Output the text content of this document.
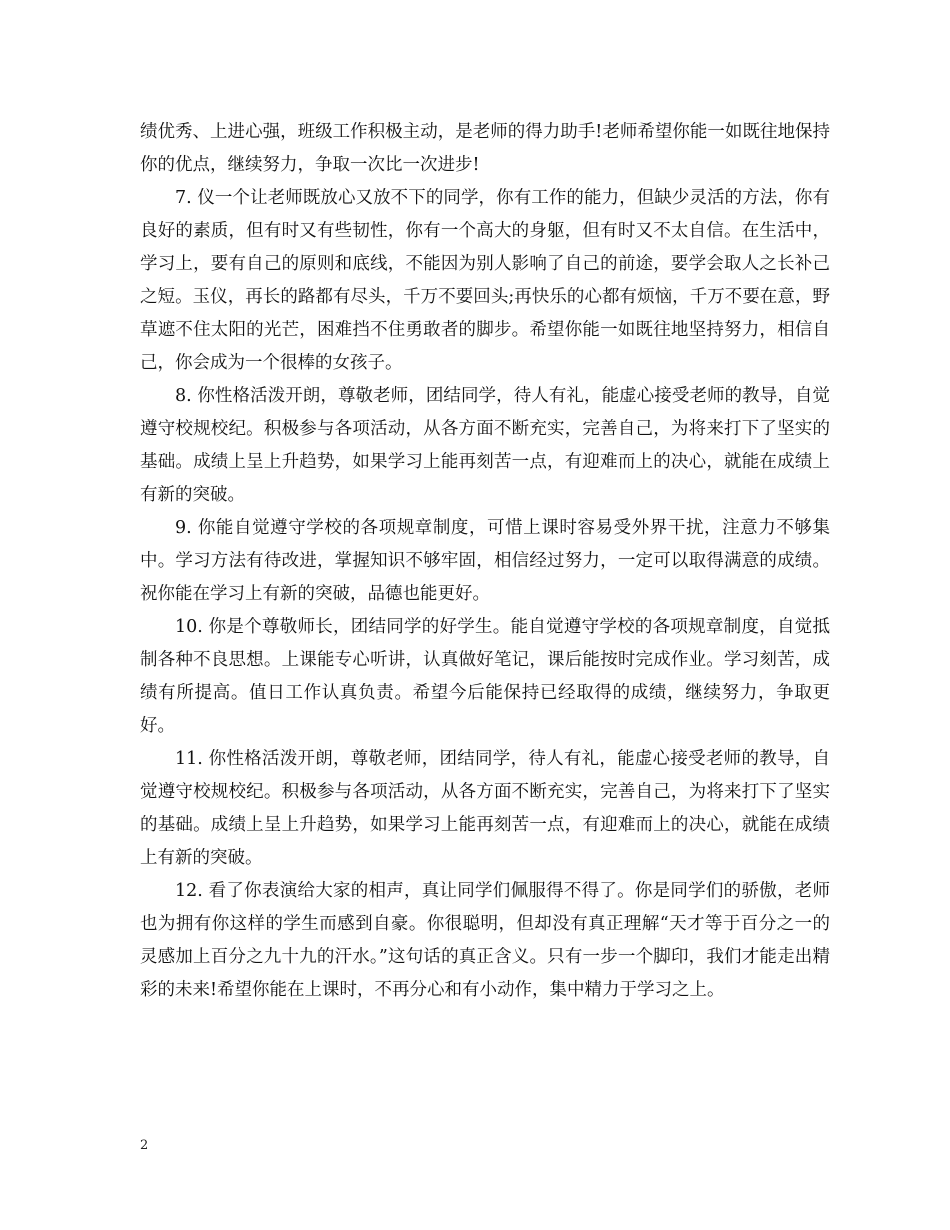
绩优秀、上进心强，班级工作积极主动，是老师的得力助手!老师希望你能一如既往地保持你的优点，继续努力，争取一次比一次进步!

7. 仪一个让老师既放心又放不下的同学，你有工作的能力，但缺少灵活的方法，你有良好的素质，但有时又有些韧性，你有一个高大的身躯，但有时又不太自信。在生活中，学习上，要有自己的原则和底线，不能因为别人影响了自己的前途，要学会取人之长补己之短。玉仪，再长的路都有尽头，千万不要回头;再快乐的心都有烦恼，千万不要在意，野草遮不住太阳的光芒，困难挡不住勇敢者的脚步。希望你能一如既往地坚持努力，相信自己，你会成为一个很棒的女孩子。

8. 你性格活泼开朗，尊敬老师，团结同学，待人有礼，能虚心接受老师的教导，自觉遵守校规校纪。积极参与各项活动，从各方面不断充实，完善自己，为将来打下了坚实的基础。成绩上呈上升趋势，如果学习上能再刻苦一点，有迎难而上的决心，就能在成绩上有新的突破。

9. 你能自觉遵守学校的各项规章制度，可惜上课时容易受外界干扰，注意力不够集中。学习方法有待改进，掌握知识不够牢固，相信经过努力，一定可以取得满意的成绩。祝你能在学习上有新的突破，品德也能更好。

10. 你是个尊敬师长，团结同学的好学生。能自觉遵守学校的各项规章制度，自觉抵制各种不良思想。上课能专心听讲，认真做好笔记，课后能按时完成作业。学习刻苦，成绩有所提高。值日工作认真负责。希望今后能保持已经取得的成绩，继续努力，争取更好。

11. 你性格活泼开朗，尊敬老师，团结同学，待人有礼，能虚心接受老师的教导，自觉遵守校规校纪。积极参与各项活动，从各方面不断充实，完善自己，为将来打下了坚实的基础。成绩上呈上升趋势，如果学习上能再刻苦一点，有迎难而上的决心，就能在成绩上有新的突破。

12. 看了你表演给大家的相声，真让同学们佩服得不得了。你是同学们的骄傲，老师也为拥有你这样的学生而感到自豪。你很聪明，但却没有真正理解“天才等于百分之一的灵感加上百分之九十九的汗水。”这句话的真正含义。只有一步一个脚印，我们才能走出精彩的未来!希望你能在上课时，不再分心和有小动作，集中精力于学习之上。

2
